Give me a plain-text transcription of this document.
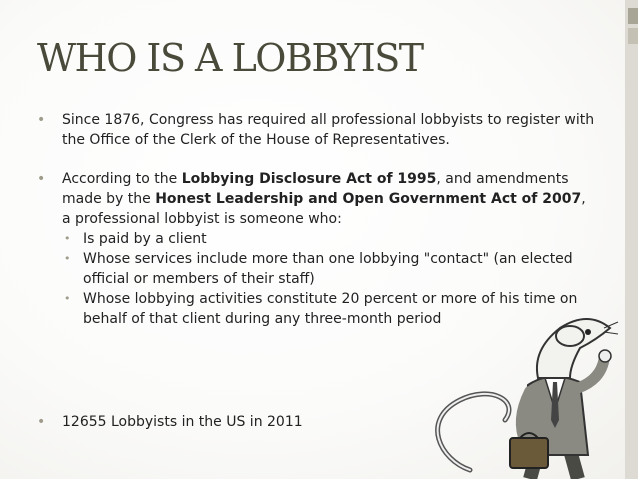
WHO IS A LOBBYIST
• Since 1876, Congress has required all professional lobbyists to register with the Office of the Clerk of the House of Representatives.
• According to the Lobbying Disclosure Act of 1995, and amendments made by the Honest Leadership and Open Government Act of 2007, a professional lobbyist is someone who:
• Is paid by a client
• Whose services include more than one lobbying "contact" (an elected official or members of their staff)
• Whose lobbying activities constitute 20 percent or more of his time on behalf of that client during any three-month period
• 12655 Lobbyists in the US in 2011
